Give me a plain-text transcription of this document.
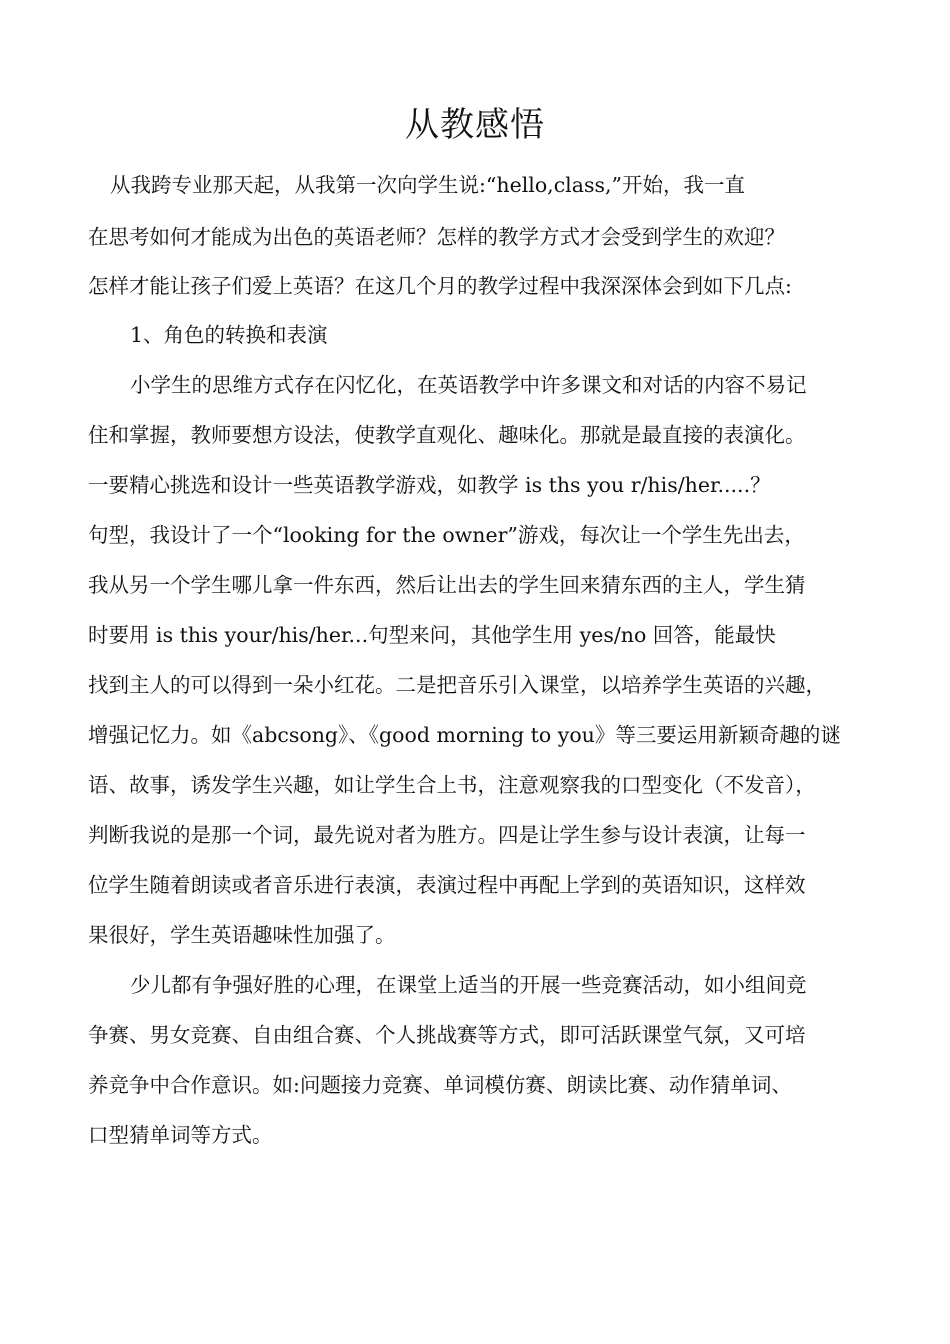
从教感悟
从我跨专业那天起，从我第一次向学生说:“hello,class,”开始，我一直
在思考如何才能成为出色的英语老师？怎样的教学方式才会受到学生的欢迎？
怎样才能让孩子们爱上英语？在这几个月的教学过程中我深深体会到如下几点:
1、角色的转换和表演
小学生的思维方式存在闪忆化，在英语教学中许多课文和对话的内容不易记
住和掌握，教师要想方设法，使教学直观化、趣味化。那就是最直接的表演化。
一要精心挑选和设计一些英语教学游戏，如教学 is ths you r/his/her.....？
句型，我设计了一个“looking for the owner”游戏，每次让一个学生先出去，
我从另一个学生哪儿拿一件东西，然后让出去的学生回来猜东西的主人，学生猜
时要用 is this your/his/her...句型来问，其他学生用 yes/no 回答，能最快
找到主人的可以得到一朵小红花。二是把音乐引入课堂，以培养学生英语的兴趣，
增强记忆力。如《abcsong》、《good morning to you》等三要运用新颖奇趣的谜
语、故事，诱发学生兴趣，如让学生合上书，注意观察我的口型变化（不发音），
判断我说的是那一个词，最先说对者为胜方。四是让学生参与设计表演，让每一
位学生随着朗读或者音乐进行表演，表演过程中再配上学到的英语知识，这样效
果很好，学生英语趣味性加强了。
少儿都有争强好胜的心理，在课堂上适当的开展一些竞赛活动，如小组间竞
争赛、男女竞赛、自由组合赛、个人挑战赛等方式，即可活跃课堂气氛，又可培
养竞争中合作意识。如:问题接力竞赛、单词模仿赛、朗读比赛、动作猜单词、
口型猜单词等方式。
